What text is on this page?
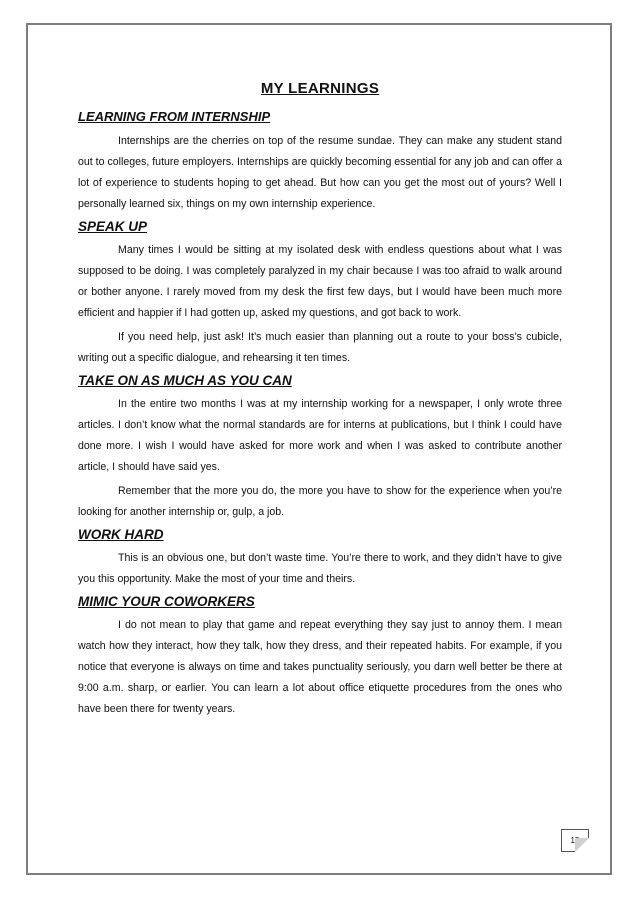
MY LEARNINGS
LEARNING FROM INTERNSHIP

Internships are the cherries on top of the resume sundae. They can make any student stand out to colleges, future employers. Internships are quickly becoming essential for any job and can offer a lot of experience to students hoping to get ahead. But how can you get the most out of yours? Well I personally learned six, things on my own internship experience.

SPEAK UP

Many times I would be sitting at my isolated desk with endless questions about what I was supposed to be doing. I was completely paralyzed in my chair because I was too afraid to walk around or bother anyone. I rarely moved from my desk the first few days, but I would have been much more efficient and happier if I had gotten up, asked my questions, and got back to work.

If you need help, just ask! It’s much easier than planning out a route to your boss’s cubicle, writing out a specific dialogue, and rehearsing it ten times.

TAKE ON AS MUCH AS YOU CAN

In the entire two months I was at my internship working for a newspaper, I only wrote three articles. I don’t know what the normal standards are for interns at publications, but I think I could have done more. I wish I would have asked for more work and when I was asked to contribute another article, I should have said yes.

Remember that the more you do, the more you have to show for the experience when you’re looking for another internship or, gulp, a job.

WORK HARD

This is an obvious one, but don’t waste time. You’re there to work, and they didn’t have to give you this opportunity. Make the most of your time and theirs.

MIMIC YOUR COWORKERS

I do not mean to play that game and repeat everything they say just to annoy them. I mean watch how they interact, how they talk, how they dress, and their repeated habits. For example, if you notice that everyone is always on time and takes punctuality seriously, you darn well better be there at 9:00 a.m. sharp, or earlier. You can learn a lot about office etiquette procedures from the ones who have been there for twenty years.

15
